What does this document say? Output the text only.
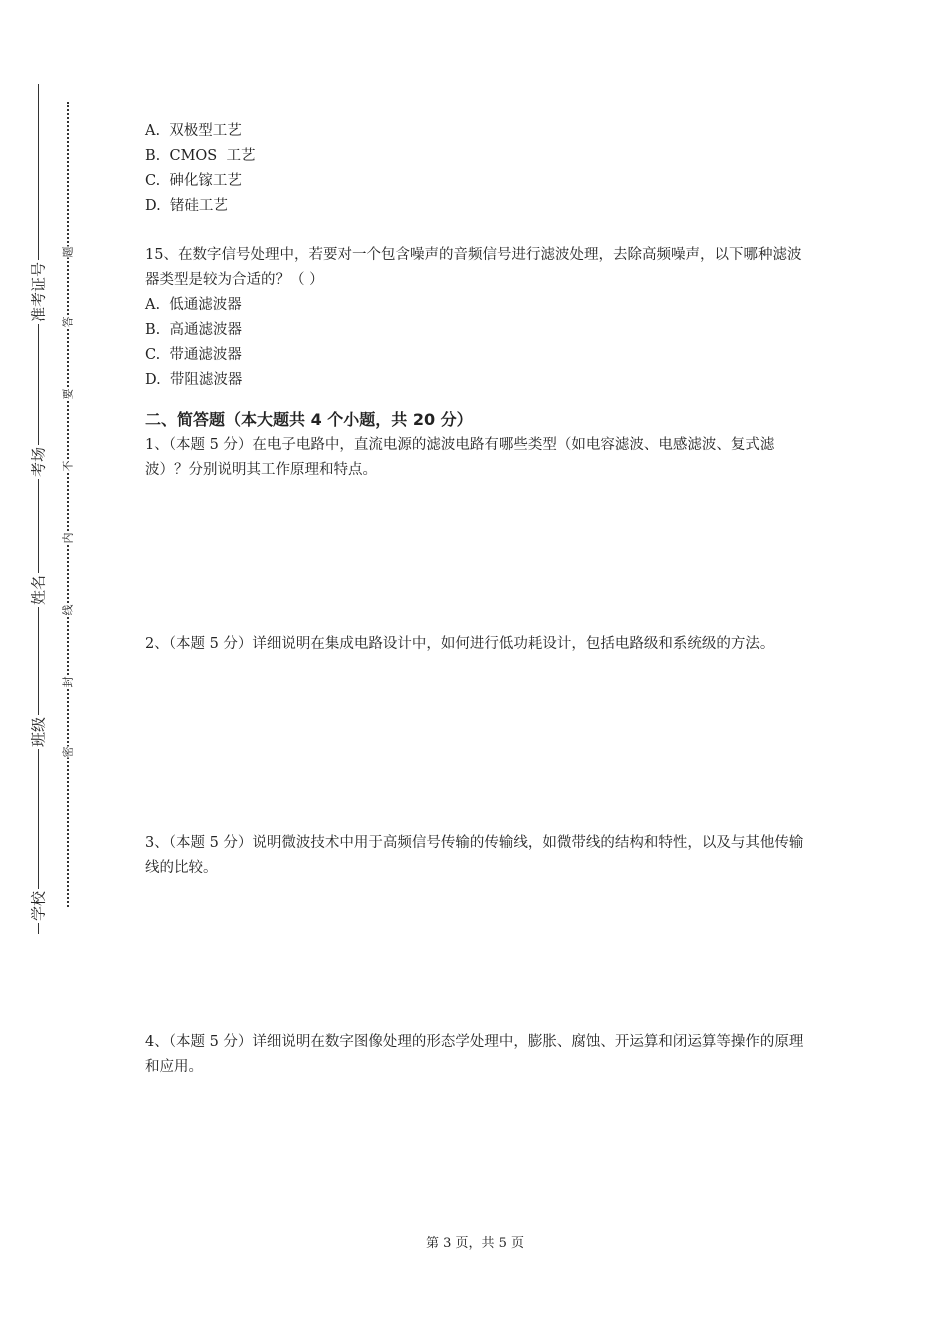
准考证号
考场
姓名
班级
学校
题
答
要
不
内
线
封
密
A.  双极型工艺
B.  CMOS  工艺
C.  砷化镓工艺
D.  锗硅工艺
15、在数字信号处理中，若要对一个包含噪声的音频信号进行滤波处理，去除高频噪声，以下哪种滤波器类型是较为合适的？（ ）
A.  低通滤波器
B.  高通滤波器
C.  带通滤波器
D.  带阻滤波器
二、简答题（本大题共 4 个小题，共 20 分）
1、（本题 5 分）在电子电路中，直流电源的滤波电路有哪些类型（如电容滤波、电感滤波、复式滤波）？分别说明其工作原理和特点。
2、（本题 5 分）详细说明在集成电路设计中，如何进行低功耗设计，包括电路级和系统级的方法。
3、（本题 5 分）说明微波技术中用于高频信号传输的传输线，如微带线的结构和特性，以及与其他传输线的比较。
4、（本题 5 分）详细说明在数字图像处理的形态学处理中，膨胀、腐蚀、开运算和闭运算等操作的原理和应用。
第 3 页，共 5 页
